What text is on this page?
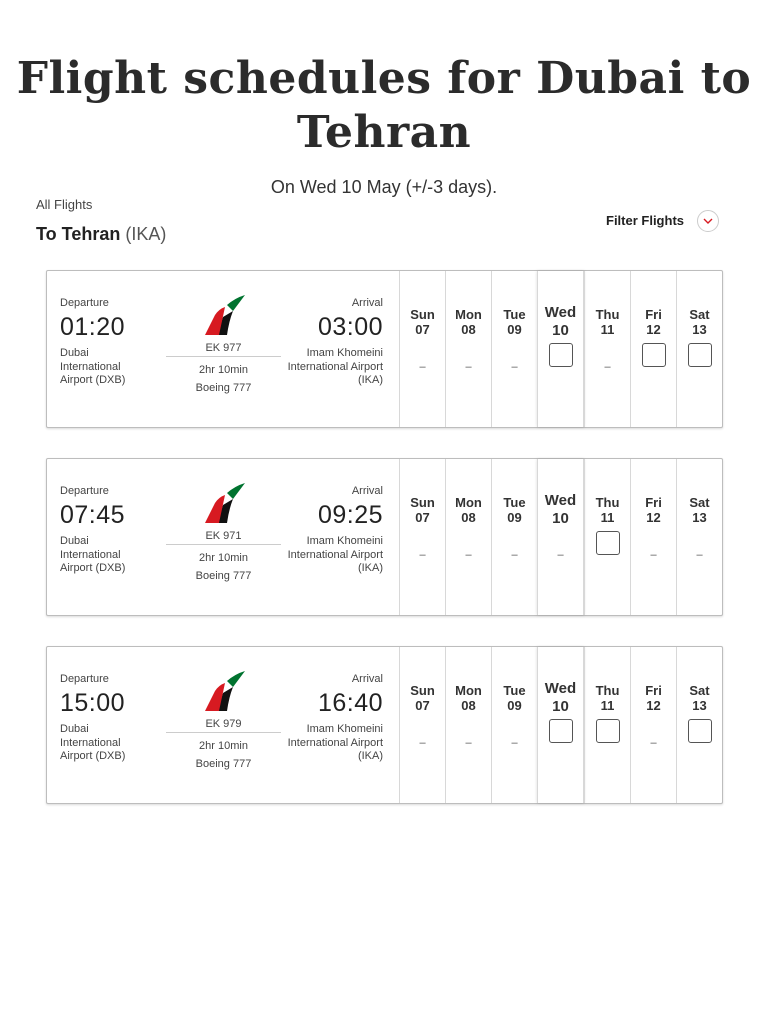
Flight schedules for Dubai to Tehran
On Wed 10 May (+/-3 days).
All Flights
To Tehran (IKA)
Filter Flights
Departure
01:20
Dubai International Airport (DXB)
EK 977
2hr 10min
Boeing 777
Arrival
03:00
Imam Khomeini International Airport (IKA)
Sun
07
–
Mon
08
–
Tue
09
–
Wed
10
Thu
11
–
Fri
12
Sat
13
Departure
07:45
Dubai International Airport (DXB)
EK 971
2hr 10min
Boeing 777
Arrival
09:25
Imam Khomeini International Airport (IKA)
Sun
07
–
Mon
08
–
Tue
09
–
Wed
10
–
Thu
11
Fri
12
–
Sat
13
–
Departure
15:00
Dubai International Airport (DXB)
EK 979
2hr 10min
Boeing 777
Arrival
16:40
Imam Khomeini International Airport (IKA)
Sun
07
–
Mon
08
–
Tue
09
–
Wed
10
Thu
11
Fri
12
–
Sat
13
